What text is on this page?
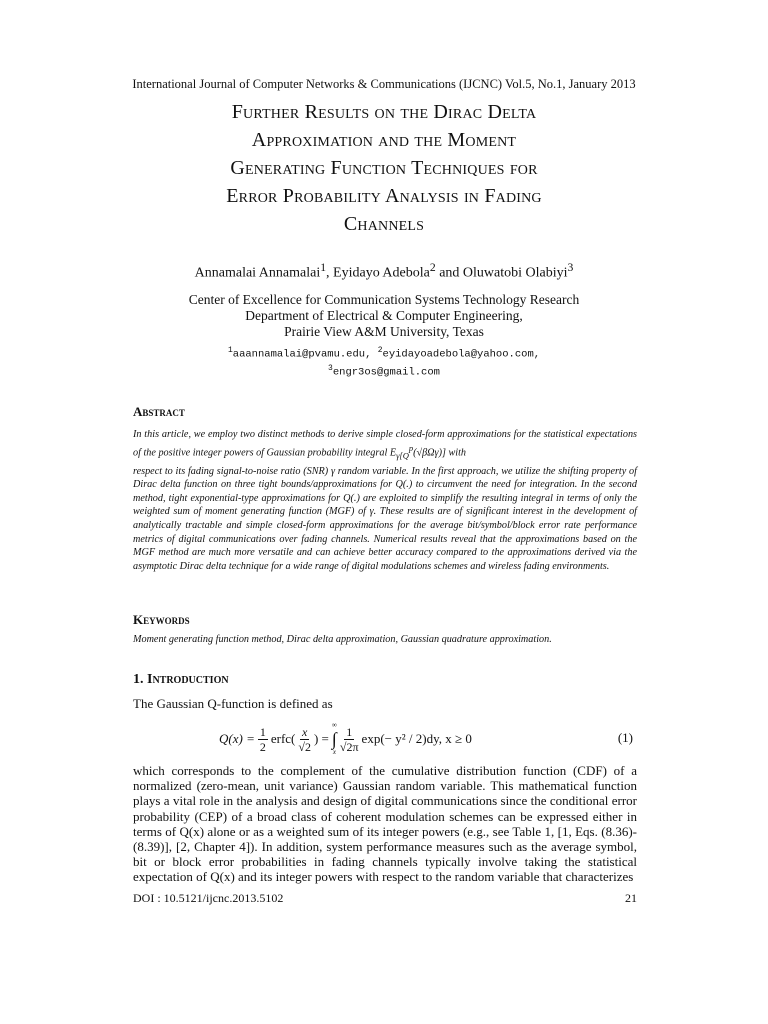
International Journal of Computer Networks & Communications (IJCNC) Vol.5, No.1, January 2013
Further Results on the Dirac Delta
Approximation and the Moment
Generating Function Techniques for
Error Probability Analysis in Fading
Channels
Annamalai Annamalai$^1$, Eyidayo Adebola$^2$ and Oluwatobi Olabiyi$^3$
Center of Excellence for Communication Systems Technology Research
Department of Electrical & Computer Engineering,
Prairie View A&M University, Texas
$^1$aaannamalai@pvamu.edu, $^2$eyidayoadebola@yahoo.com,
$^3$engr3os@gmail.com
Abstract

In this article, we employ two distinct methods to derive simple closed-form approximations for the statistical expectations of the positive integer powers of Gaussian probability integral $E_{\gamma[Q}^p(√\beta\Omega\gamma)$] with

respect to its fading signal-to-noise ratio (SNR) γ random variable. In the first approach, we utilize the shifting property of Dirac delta function on three tight bounds/approximations for Q(.) to circumvent the need for integration. In the second method, tight exponential-type approximations for Q(.) are exploited to simplify the resulting integral in terms of only the weighted sum of moment generating function (MGF) of γ. These results are of significant interest in the development of analytically tractable and simple closed-form approximations for the average bit/symbol/block error rate performance metrics of digital communications over fading channels. Numerical results reveal that the approximations based on the MGF method are much more versatile and can achieve better accuracy compared to the approximations derived via the asymptotic Dirac delta technique for a wide range of digital modulations schemes and wireless fading environments.

Keywords
Moment generating function method, Dirac delta approximation, Gaussian quadrature approximation.
1. Introduction
The Gaussian Q-function is defined as
$Q(x) = \frac{1}{2}$ erfc( $\frac{x}{√2}$ ) =
∞
∫
x $\frac{1}{√2\pi} \exp(- y^2 / 2)dy$, x ≥ 0	(1)
which corresponds to the complement of the cumulative distribution function (CDF) of a normalized (zero-mean, unit variance) Gaussian random variable. This mathematical function plays a vital role in the analysis and design of digital communications since the conditional error probability (CEP) of a broad class of coherent modulation schemes can be expressed either in terms of Q(x) alone or as a weighted sum of its integer powers (e.g., see Table 1, [1, Eqs. (8.36)-(8.39)], [2, Chapter 4]). In addition, system performance measures such as the average symbol, bit or block error probabilities in fading channels typically involve taking the statistical expectation of Q(x) and its integer powers with respect to the random variable that characterizes
DOI : 10.5121/ijcnc.2013.5102	21
